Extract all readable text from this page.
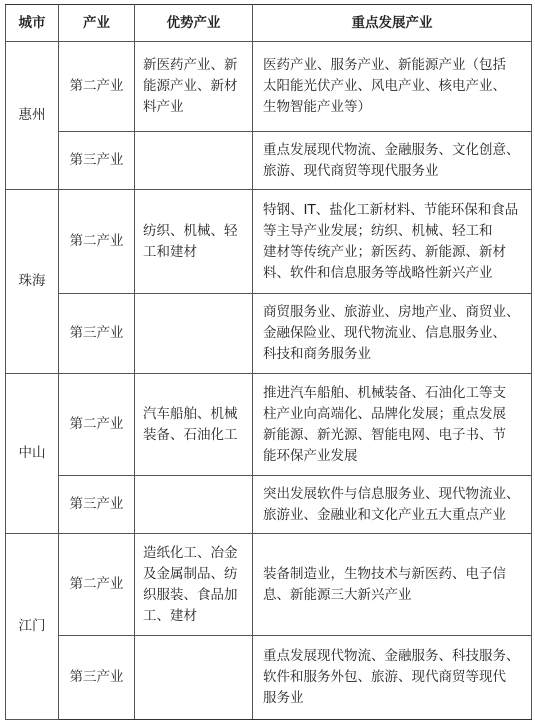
城市	产业	优势产业	重点发展产业
惠州	第二产业	新医药产业、新
能源产业、新材
料产业	医药产业、服务产业、新能源产业（包括
太阳能光伏产业、风电产业、核电产业、
生物智能产业等）

	第三产业		重点发展现代物流、金融服务、文化创意、
旅游、现代商贸等现代服务业

珠海	第二产业	纺织、机械、轻
工和建材	特钢、IT、盐化工新材料、节能环保和食品
等主导产业发展；纺织、机械、轻工和
建材等传统产业；新医药、新能源、新材
料、软件和信息服务等战略性新兴产业

	第三产业		商贸服务业、旅游业、房地产业、商贸业、
金融保险业、现代物流业、信息服务业、
科技和商务服务业

中山	第二产业	汽车船舶、机械
装备、石油化工	推进汽车船舶、机械装备、石油化工等支
柱产业向高端化、品牌化发展；重点发展
新能源、新光源、智能电网、电子书、节
能环保产业发展

	第三产业		突出发展软件与信息服务业、现代物流业、
旅游业、金融业和文化产业五大重点产业

江门	第二产业	造纸化工、冶金
及金属制品、纺
织服装、食品加
工、建材	装备制造业，生物技术与新医药、电子信
息、新能源三大新兴产业

	第三产业		重点发展现代物流、金融服务、科技服务、
软件和服务外包、旅游、现代商贸等现代
服务业
